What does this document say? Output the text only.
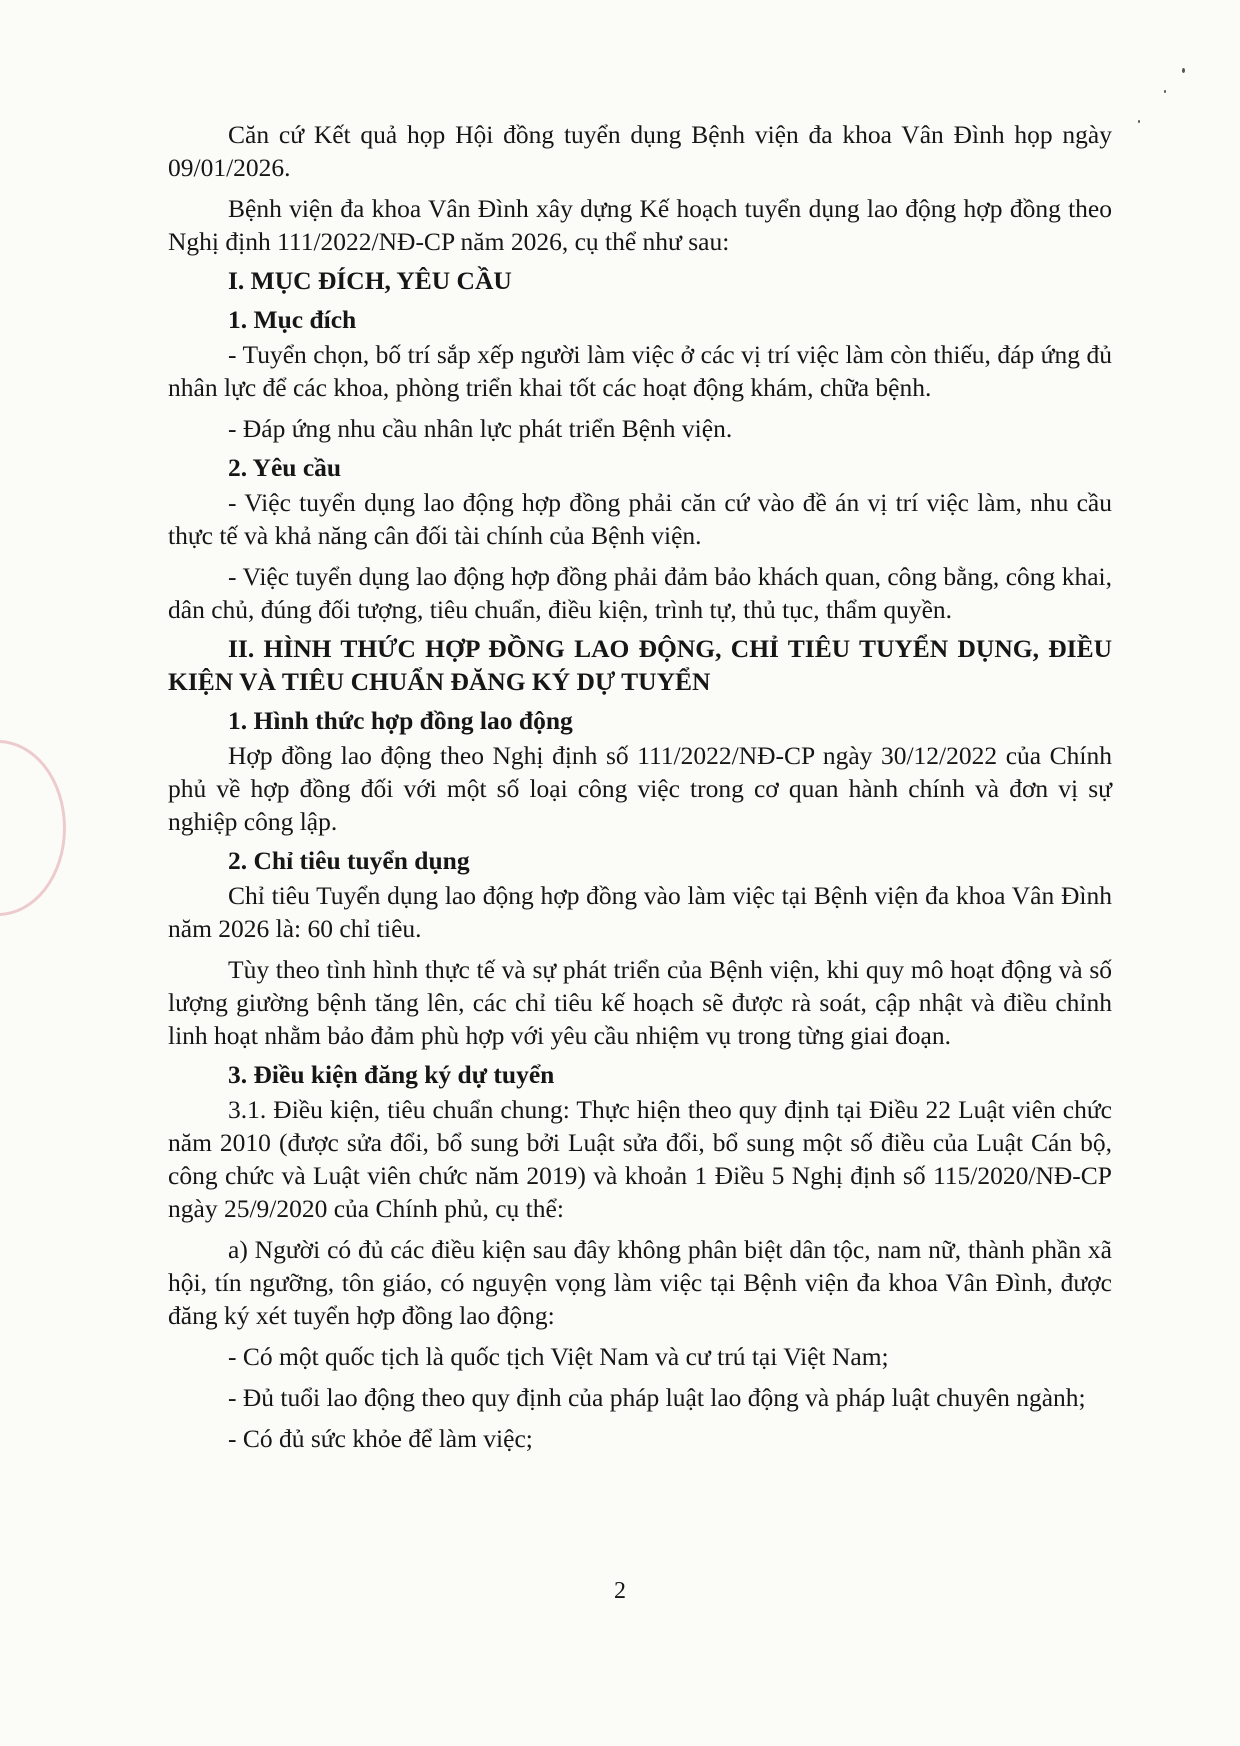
Căn cứ Kết quả họp Hội đồng tuyển dụng Bệnh viện đa khoa Vân Đình họp ngày 09/01/2026.

Bệnh viện đa khoa Vân Đình xây dựng Kế hoạch tuyển dụng lao động hợp đồng theo Nghị định 111/2022/NĐ-CP năm 2026, cụ thể như sau:

I. MỤC ĐÍCH, YÊU CẦU

1. Mục đích

- Tuyển chọn, bố trí sắp xếp người làm việc ở các vị trí việc làm còn thiếu, đáp ứng đủ nhân lực để các khoa, phòng triển khai tốt các hoạt động khám, chữa bệnh.

- Đáp ứng nhu cầu nhân lực phát triển Bệnh viện.

2. Yêu cầu

- Việc tuyển dụng lao động hợp đồng phải căn cứ vào đề án vị trí việc làm, nhu cầu thực tế và khả năng cân đối tài chính của Bệnh viện.

- Việc tuyển dụng lao động hợp đồng phải đảm bảo khách quan, công bằng, công khai, dân chủ, đúng đối tượng, tiêu chuẩn, điều kiện, trình tự, thủ tục, thẩm quyền.

II. HÌNH THỨC HỢP ĐỒNG LAO ĐỘNG, CHỈ TIÊU TUYỂN DỤNG, ĐIỀU KIỆN VÀ TIÊU CHUẨN ĐĂNG KÝ DỰ TUYỂN

1. Hình thức hợp đồng lao động

Hợp đồng lao động theo Nghị định số 111/2022/NĐ-CP ngày 30/12/2022 của Chính phủ về hợp đồng đối với một số loại công việc trong cơ quan hành chính và đơn vị sự nghiệp công lập.

2. Chỉ tiêu tuyển dụng

Chỉ tiêu Tuyển dụng lao động hợp đồng vào làm việc tại Bệnh viện đa khoa Vân Đình năm 2026 là: 60 chỉ tiêu.

Tùy theo tình hình thực tế và sự phát triển của Bệnh viện, khi quy mô hoạt động và số lượng giường bệnh tăng lên, các chỉ tiêu kế hoạch sẽ được rà soát, cập nhật và điều chỉnh linh hoạt nhằm bảo đảm phù hợp với yêu cầu nhiệm vụ trong từng giai đoạn.

3. Điều kiện đăng ký dự tuyển

3.1. Điều kiện, tiêu chuẩn chung: Thực hiện theo quy định tại Điều 22 Luật viên chức năm 2010 (được sửa đổi, bổ sung bởi Luật sửa đổi, bổ sung một số điều của Luật Cán bộ, công chức và Luật viên chức năm 2019) và khoản 1 Điều 5 Nghị định số 115/2020/NĐ-CP ngày 25/9/2020 của Chính phủ, cụ thể:

a) Người có đủ các điều kiện sau đây không phân biệt dân tộc, nam nữ, thành phần xã hội, tín ngưỡng, tôn giáo, có nguyện vọng làm việc tại Bệnh viện đa khoa Vân Đình, được đăng ký xét tuyển hợp đồng lao động:

- Có một quốc tịch là quốc tịch Việt Nam và cư trú tại Việt Nam;

- Đủ tuổi lao động theo quy định của pháp luật lao động và pháp luật chuyên ngành;

- Có đủ sức khỏe để làm việc;

2
